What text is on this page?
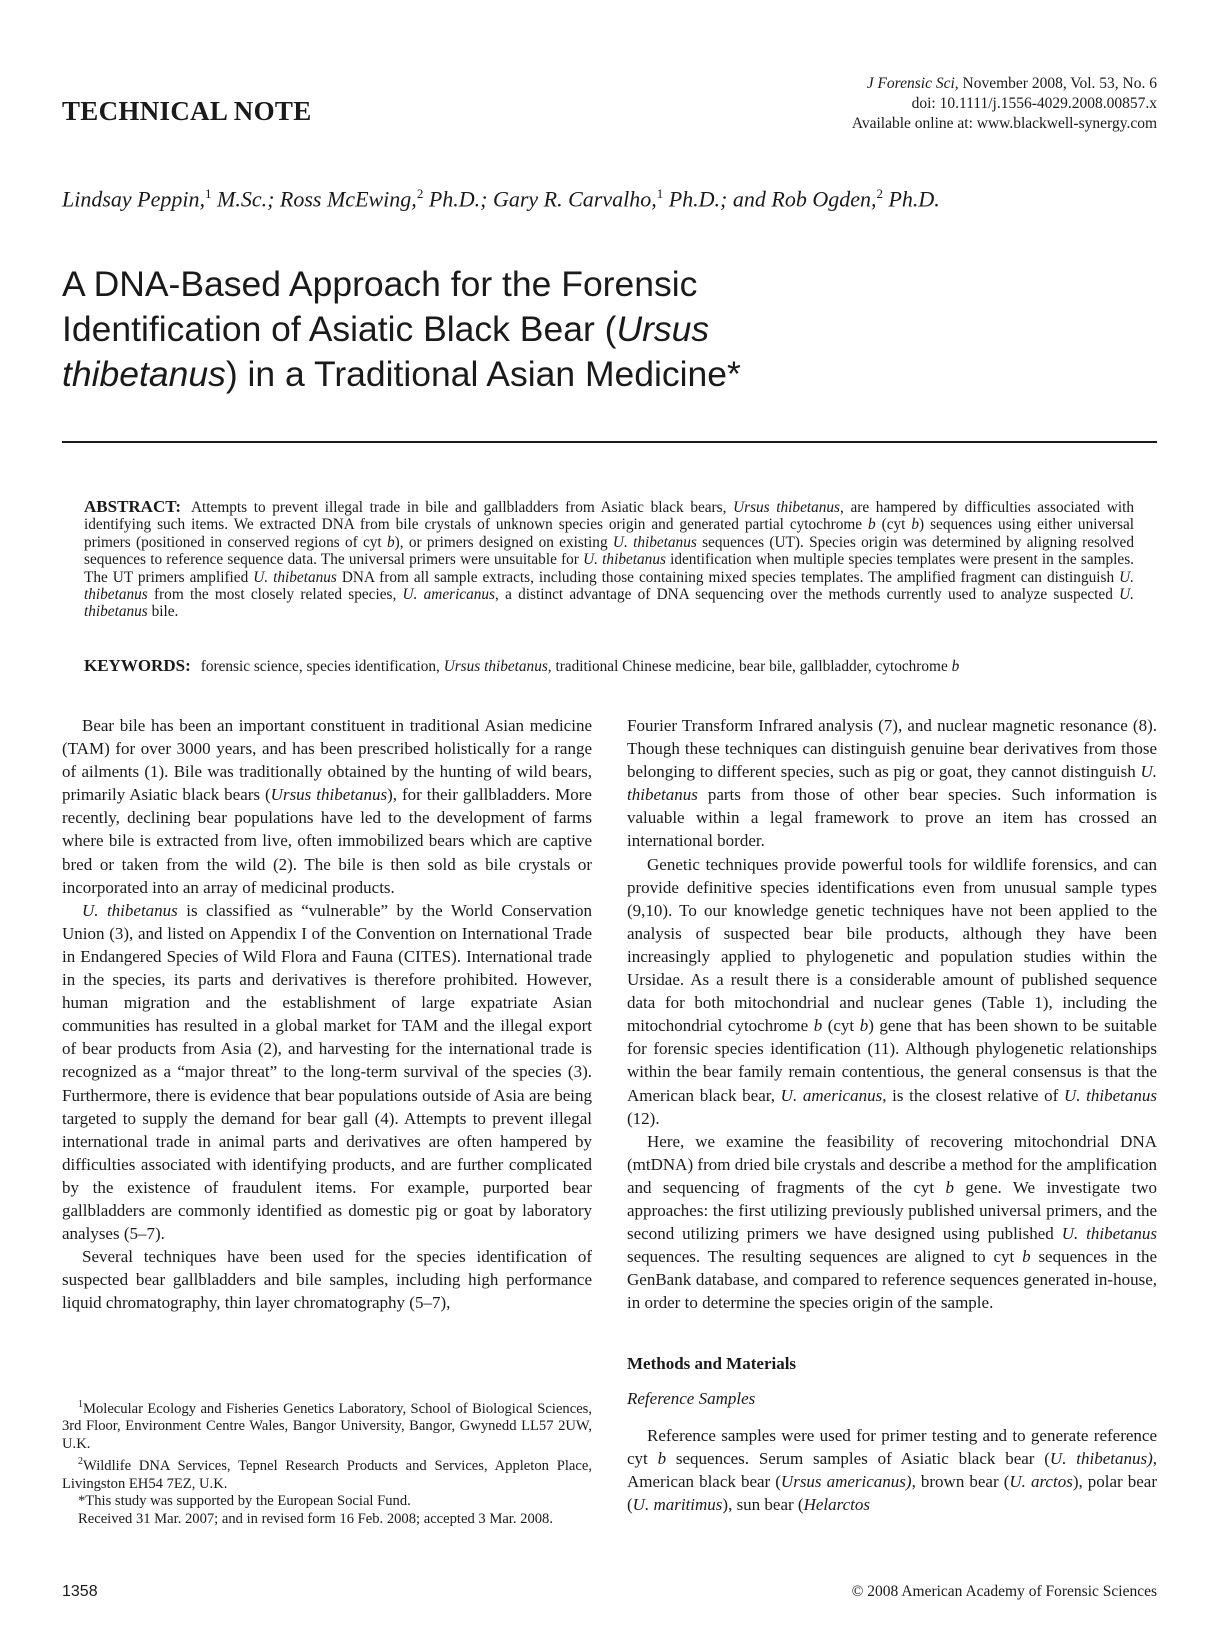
TECHNICAL NOTE
J Forensic Sci, November 2008, Vol. 53, No. 6
doi: 10.1111/j.1556-4029.2008.00857.x
Available online at: www.blackwell-synergy.com
Lindsay Peppin,$^1$ M.Sc.; Ross McEwing,$^2$ Ph.D.; Gary R. Carvalho,$^1$ Ph.D.; and Rob Ogden,$^2$ Ph.D.
A DNA-Based Approach for the Forensic Identification of Asiatic Black Bear (Ursus thibetanus) in a Traditional Asian Medicine*
ABSTRACT: Attempts to prevent illegal trade in bile and gallbladders from Asiatic black bears, Ursus thibetanus, are hampered by difficulties associated with identifying such items. We extracted DNA from bile crystals of unknown species origin and generated partial cytochrome b (cyt b) sequences using either universal primers (positioned in conserved regions of cyt b), or primers designed on existing U. thibetanus sequences (UT). Species origin was determined by aligning resolved sequences to reference sequence data. The universal primers were unsuitable for U. thibetanus identification when multiple species templates were present in the samples. The UT primers amplified U. thibetanus DNA from all sample extracts, including those containing mixed species templates. The amplified fragment can distinguish U. thibetanus from the most closely related species, U. americanus, a distinct advantage of DNA sequencing over the methods currently used to analyze suspected U. thibetanus bile.
KEYWORDS: forensic science, species identification, Ursus thibetanus, traditional Chinese medicine, bear bile, gallbladder, cytochrome b

Bear bile has been an important constituent in traditional Asian medicine (TAM) for over 3000 years, and has been prescribed holistically for a range of ailments (1). Bile was traditionally obtained by the hunting of wild bears, primarily Asiatic black bears (Ursus thibetanus), for their gallbladders. More recently, declining bear populations have led to the development of farms where bile is extracted from live, often immobilized bears which are captive bred or taken from the wild (2). The bile is then sold as bile crystals or incorporated into an array of medicinal products.

U. thibetanus is classified as “vulnerable” by the World Conservation Union (3), and listed on Appendix I of the Convention on International Trade in Endangered Species of Wild Flora and Fauna (CITES). International trade in the species, its parts and derivatives is therefore prohibited. However, human migration and the establishment of large expatriate Asian communities has resulted in a global market for TAM and the illegal export of bear products from Asia (2), and harvesting for the international trade is recognized as a “major threat” to the long-term survival of the species (3). Furthermore, there is evidence that bear populations outside of Asia are being targeted to supply the demand for bear gall (4). Attempts to prevent illegal international trade in animal parts and derivatives are often hampered by difficulties associated with identifying products, and are further complicated by the existence of fraudulent items. For example, purported bear gallbladders are commonly identified as domestic pig or goat by laboratory analyses (5–7).

Several techniques have been used for the species identification of suspected bear gallbladders and bile samples, including high performance liquid chromatography, thin layer chromatography (5–7),

$^1$Molecular Ecology and Fisheries Genetics Laboratory, School of Biological Sciences, 3rd Floor, Environment Centre Wales, Bangor University, Bangor, Gwynedd LL57 2UW, U.K.

$^2$Wildlife DNA Services, Tepnel Research Products and Services, Appleton Place, Livingston EH54 7EZ, U.K.

*This study was supported by the European Social Fund.

Received 31 Mar. 2007; and in revised form 16 Feb. 2008; accepted 3 Mar. 2008.

Fourier Transform Infrared analysis (7), and nuclear magnetic resonance (8). Though these techniques can distinguish genuine bear derivatives from those belonging to different species, such as pig or goat, they cannot distinguish U. thibetanus parts from those of other bear species. Such information is valuable within a legal framework to prove an item has crossed an international border.

Genetic techniques provide powerful tools for wildlife forensics, and can provide definitive species identifications even from unusual sample types (9,10). To our knowledge genetic techniques have not been applied to the analysis of suspected bear bile products, although they have been increasingly applied to phylogenetic and population studies within the Ursidae. As a result there is a considerable amount of published sequence data for both mitochondrial and nuclear genes (Table 1), including the mitochondrial cytochrome b (cyt b) gene that has been shown to be suitable for forensic species identification (11). Although phylogenetic relationships within the bear family remain contentious, the general consensus is that the American black bear, U. americanus, is the closest relative of U. thibetanus (12).

Here, we examine the feasibility of recovering mitochondrial DNA (mtDNA) from dried bile crystals and describe a method for the amplification and sequencing of fragments of the cyt b gene. We investigate two approaches: the first utilizing previously published universal primers, and the second utilizing primers we have designed using published U. thibetanus sequences. The resulting sequences are aligned to cyt b sequences in the GenBank database, and compared to reference sequences generated in-house, in order to determine the species origin of the sample.

Methods and Materials

Reference Samples

Reference samples were used for primer testing and to generate reference cyt b sequences. Serum samples of Asiatic black bear (U. thibetanus), American black bear (Ursus americanus), brown bear (U. arctos), polar bear (U. maritimus), sun bear (Helarctos

1358	© 2008 American Academy of Forensic Sciences
